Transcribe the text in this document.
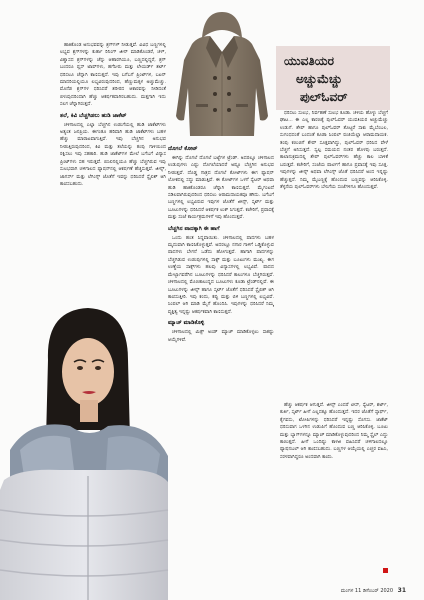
ಯುವತಿಯರ
ಅಚ್ಚುಮೆಚ್ಚು
ಪುಲ್‌ಓವರ್

ಹಾಕಿಕೊಂಡ ಅನುಭವವನ್ನು ಶ್ರಗ್‌ಗಳ್ ನೀಡುತ್ತವೆ. ವಿವಿಧ ಬಣ್ಣಗಳಲ್ಲಿ ಲಭ್ಯವ ಶ್ರಗ್‌ಗಳನ್ನು ಕುರ್ತಾ ರಿನಿಂಗ್‌ ಜೀನ್ ಮಾಡಿಕೊಂಡರೆ, ಚಳ್, ವಿಶ್ವಾಸದ ಶ್ರಗ್‌ಗಳನ್ನು ಚೆನ್ನು ಆಹಾರಗಿಯೂ, ಬಣ್ಣದಲ್ಲಿದ್ದರೆ, ಶ್ರಗ್‌ ಬಂದರೂ ಪ್ಲಸ್ ಟಾಪ್‌ಗಳು, ಹಗೆಸೀರು ಮತ್ತು ಲೇಯರ್ಡ್ ಶರ್ಟ್‌ ಧರಿಸಲೂ ಚೆನ್ನಾಗಿ ಕಾಣಿಸುತ್ತದೆ. ಇವು ಬಗೆಬಗೆ ಪ್ರಿಂಟ್‌ಗಳ, ಬಟನ್‌ ಮಾದರಿಯಲ್ಲಿಯೂ ಲಭ್ಯವಿರುವುದರಿಂದ, ಹೆಣ್ಣುಮಕ್ಕಳ ಅಚ್ಚುಮೆಚ್ಚು. ಮೊನೆಡ ಶ್ರಗ್‌ಗಳ ಧರಿಸಿದರೆ ಶರೀರದ ಆಕಾರವನ್ನು ನೀಡಿದಂತೆ ಬಿಳುವುದರಿಂದಾಗಿ ಹೆಚ್ಚು ಆಕರ್ಷಕವಾಗಿರಬಹುದು. ಮತ್ತಗಾಗಿ ಇದು ಸಲಗ ಚೆನ್ನಾಗಿರುತ್ತದೆ.

ತಲೆ, ಕಿವಿ ಬೆಚ್ಚಗಿಡಲು ಹುಡಿ ಜಾಕೆಟ್‌

ಚಳಿಗಾಲದಲ್ಲಿ ಎಲ್ಲಾ ಬೆಚ್ಚಗಿನ ಉಡುಗೆಯಲ್ಲಿ ಹುಡಿ ಜಾಕೆಟ್‌ಗಳು ಅತ್ಯಂತ ಜನಪ್ರಿಯ. ಈಗಂತೂ ಹರಿವಾಗಿ ಹುಡಿ ಜಾಕೆಟ್‌ಗಳು ಬಹಳ ಹೆಚ್ಚು ಮಾರಾಟವಾಗುತ್ತಿವೆ. ಇವು ಬೆಚ್ಚಗಿನ ಅನುಭವ ನೀಡುತ್ತಿರುವುದರಿಂದ, ಕಿವಿ ಮತ್ತು ತಲೆಯನ್ನು ತಂಪು ಗಾಳಿಯಿಂದ ರಕ್ಷಿಸಲು ಇವು ಸಹಕಾರಿ. ಹುಡಿ ಜಾಕೆಟ್‌ಗಳ ಮೇಲೆ ಬಗೆಬಗೆ ವಿನ್ಯಾಸ ಪ್ರಿಂಟ್‌ಗಳು ಸಹ ಇರುತ್ತವೆ. ಬಿಸಿಲಿನಲ್ಲಿಯೂ ಹೆಚ್ಚು ಬೆಚ್ಚಗಿರುವ ಇವು ಸುಲಭವಾಗಿ ಚಳಿಗಾಲದ ಫ್ಯಾಷನ್‌ನಲ್ಲಿ ಆಕರ್ಷಣೆ ಹೆಚ್ಚಿಸುತ್ತವೆ. ಜೀನ್ಸ್‌, ಜಾಗರ್ಸ್‌ ಮತ್ತು ಲೆಗಿಂಗ್ಸ್‌ ಜೊತೆಗೆ ಇವನ್ನು ಧರಿಸಿದರೆ ಸ್ಟೈಲಿಶ್‌ ಆಗಿ ಕಾಣಿಸಬಹುದು.

ದೊಗಲೆ ಕೋಟ್‌

ಈಗಿನ್ನು ದೊಗಲೆ ದೊಗಲೆ ಬಟ್ಟೆಗಳ ಟ್ರೆಂಡ್‌. ಅದರಲ್ಲೂ ಚಳಿಗಾಲದ ಉಡುಪುಗಳು ಎಷ್ಟು ದೊಗಲೆಯಾದರೆ ಅಷ್ಟೂ ಬೆಚ್ಚಗಿನ ಅನುಭವ ನೀಡುತ್ತವೆ. ದೊಡ್ಡ ಗಾತ್ರದ ದೊಗಲೆ ಕೋಟ್‌ಗಳು ಈಗ ಫ್ಯಾಷನ್‌ ಲೋಕದಲ್ಲಿ ಸದ್ದು ಮಾಡುತ್ತಿವೆ. ಈ ಕೋಟ್‌ಗಳ ಒಳಗೆ ಸ್ವೆಟರ್‌ ಅಥವಾ ಹುಡಿ ಹಾಕಿಕೊಂಡರೂ ಚೆನ್ನಾಗಿ ಕಾಣಿಸುತ್ತದೆ. ಮೈಗಂಟದೆ ಸಡಿಲವಾಗಿರುವುದರಿಂದ ಧರಿಸಲು ಆರಾಮದಾಯಕವೂ ಹೌದು. ಬಗೆಬಗೆ ಬಣ್ಣಗಳಲ್ಲಿ ಲಭ್ಯವಿರುವ ಇವುಗಳ ಜೊತೆಗೆ ಜೀನ್ಸ್‌, ಸ್ಕರ್ಟ್‌ ಮತ್ತು ಬೂಟುಗಳನ್ನು ಧರಿಸಿದರೆ ಆಕರ್ಷಕ ಲುಕ್‌ ಸಿಗುತ್ತದೆ. ಕಚೇರಿಗೆ, ಪ್ರವಾಸಕ್ಕೆ ಮತ್ತು ಸಂಜೆ ಕಾರ್ಯಕ್ರಮಗಳಿಗೆ ಇವು ಹೊಂದುತ್ತವೆ.

ಬೆಚ್ಚಗಿನ ಪಾದಕ್ಕಾಗಿ ಈ ಹಾಗೆ

ಒಂದು ಹಂತ ಸಿದ್ಧವಾಯಿತು. ಚಳಿಗಾಲದಲ್ಲಿ ಪಾದಗಳು ಬಹಳ ಮೃದುವಾಗಿ ಕಾಣಿಸಿಕೊಳ್ಳುತ್ತವೆ. ಅದರಲ್ಲೂ ನಗಾರ ಗಾಳಿಗೆ ಒಡ್ಡಿಕೊಳ್ಳುವ ಪಾದಗಳು ಬೇಗನೆ ಒಡೆದು ಹೋಗುತ್ತವೆ. ಹಾಗಾಗಿ ಪಾದಗಳನ್ನು ಬೆಚ್ಚಗಿಡುವ ಉಡುಪುಗಳಲ್ಲಿ ಸಾಕ್ಸ್‌ ಮತ್ತು ಬೂಟುಗಳು ಮುಖ್ಯ. ಈಗ ಉಣ್ಣೆಯ ಸಾಕ್ಸ್‌ಗಳು ಹಲವು ವಿನ್ಯಾಸಗಳಲ್ಲಿ ಲಭ್ಯವಿವೆ. ಪಾದದ ಮೇಲ್ಭಾಗವರೆಗಿನ ಬೂಟುಗಳನ್ನು ಧರಿಸಿದರೆ ಕಾಲುಗಳೂ ಬೆಚ್ಚಗಿರುತ್ತವೆ. ಚಳಿಗಾಲದಲ್ಲಿ ಮೊಣಕಾಲುದ್ದದ ಬೂಟುಗಳು ಕೂಡಾ ಟ್ರೆಂಡ್‌ನಲ್ಲಿವೆ. ಈ ಬೂಟುಗಳನ್ನು ಜೀನ್ಸ್‌ ಹಾಗೂ ಸ್ಕರ್ಟ್‌ ಜೊತೆಗೆ ಧರಿಸಿದರೆ ಸ್ಟೈಲಿಶ್‌ ಆಗಿ ಕಾಣಿಸುತ್ತೀರಿ. ಇವು ಕಂದು, ಕಪ್ಪು ಮತ್ತು ಬಿಳಿ ಬಣ್ಣಗಳಲ್ಲಿ ಲಭ್ಯವಿವೆ. ಸಿಂಪಲ್‌ ಆಗಿ ಮಾಡಿ ಮೈಗೆ ಹೊಂದಿಸಿ. ಇವುಗಳನ್ನು ಧರಿಸಿದರೆ ನಿಮ್ಮ ವ್ಯಕ್ತಿತ್ವ ಇನ್ನಷ್ಟು ಆಕರ್ಷಕವಾಗಿ ಕಾಣಿಸುತ್ತದೆ.

ಮ್ಯಾಚ್‌ ಮಾಡಿಕೊಳ್ಳಿ

ಚಳಿಗಾಲದಲ್ಲಿ ಮಿಕ್ಸ್‌ ಅಂಡ್‌ ಮ್ಯಾಚ್‌ ಮಾಡಿಕೊಳ್ಳಲು ಸಾಕಷ್ಟು ಆಯ್ಕೆಗಳಿವೆ.

ಧರಿಸಲು ಸುಲಭ, ನಿರ್ವಹಣೆ ಸುಲಭ ಕೂಡಾ. ಚಳಿಯ ಹೊಳ್ಳು ಬೆಚ್ಚಗೆ ಘಾಟ... ಈ ಎಲ್ಲ ಕಾರಣಕ್ಕೆ ಪುಲ್‌ಓವರ್‌ ಯುವತಿಯರ ಅಚ್ಚುಮೆಚ್ಚು ಉಡುಗೆ. ಶೇಪ್‌ ಹಾಗೂ ಪುಲ್‌ಓವರ್‌ ತೊಟ್ಟರೆ ಸಾಕು ಮೈಬೆಂಬಲ, ಸುಗಂಧದಂತೆ ಬಂದಂತೆ ಕೂಡಾ ಸಿಂಪಲ್‌ ರುಚಿಯೆಲ್ಲಾ ಆರಾಮದಾಯಕ. ತಂಪು ಕಣುಚಿಗೆ ಶೇಪ್‌ ಸೂಕ್ತವಾಗಿದ್ದು, ಪುಲ್‌ಓವರ್‌ ಧರಿಸಿದ ವೇಳೆ ಬೆಚ್ಚಗೆ ಅನಿಸುತ್ತದೆ. ಸ್ವಲ್ಪ ಸಮಯದ ನಂತರ ಹೊಳಪು ಬರುತ್ತದೆ. ಕಾಲಾನುಕ್ರಮದಲ್ಲಿ ಶೇಪ್‌ ಪುಲ್‌ಓವರ್‌ಗಳು ಹೆಚ್ಚು ಕಾಲ ಬಾಳಿಕೆ ಬರುತ್ತವೆ. ಕಚೇರಿಗೆ, ಸಂಜೆಯ ಪಾರ್ಟಿಗೆ ಹಾಗೂ ಪ್ರವಾಸಕ್ಕೆ ಇವು ಸೂಕ್ತ. ಇವುಗಳನ್ನು ಜೀನ್ಸ್‌ ಅಥವಾ ಲೆಗಿಂಗ್ಸ್‌ ಜೊತೆ ಧರಿಸಿದರೆ ಅಂದ ಇನ್ನಷ್ಟು ಹೆಚ್ಚುತ್ತದೆ. ನಿಮ್ಮ ಮೈಬಣ್ಣಕ್ಕೆ ಹೊಂದುವ ಬಣ್ಣವನ್ನು ಆರಿಸಿಕೊಳ್ಳಿ. ತೆಳ್ಳನೆಯ ಪುಲ್‌ಓವರ್‌ಗಳು ಬೇಸಿಗೆಯ ಸಂಜೆಗಳಿಗೂ ಹೊಂದುತ್ತವೆ.

ಹೆಚ್ಚು ಆಕರ್ಷಕ ಆಗುತ್ತದೆ. ಜೀನ್ಸ್‌ ಎಂದರೆ ಟೀಸ್‌, ಸ್ವೆಟರ್‌, ಶರ್ಟ್‌, ಕುರ್ತಿ, ಸ್ಕರ್ಟ್‌ ಹೀಗೆ ಎಲ್ಲದಕ್ಕೂ ಹೊಂದುತ್ತದೆ. ಇದರ ಜೊತೆಗೆ ಸ್ಕಾರ್ಫ್‌, ಕೈಗವಸು, ಟೋಪಿಗಳನ್ನು ಧರಿಸಿದರೆ ಇನ್ನಷ್ಟು ಸೊಗಸು. ಜಾಕೆಟ್‌ ಧರಿಸುವಾಗ ಒಳಗಿನ ಉಡುಪಿಗೆ ಹೊಂದುವ ಬಣ್ಣ ಆರಿಸಿಕೊಳ್ಳಿ. ಬೂಟು ಮತ್ತು ಬ್ಯಾಗ್‌ಗಳನ್ನೂ ಮ್ಯಾಚ್‌ ಮಾಡಿಕೊಳ್ಳುವುದರಿಂದ ನಿಮ್ಮ ಸ್ಟೈಲ್‌ ಎದ್ದು ಕಾಣುತ್ತದೆ. ಹೀಗೆ ಒಂದಿಷ್ಟು ಕಾಳಜಿ ವಹಿಸಿದರೆ ಚಳಿಗಾಲದಲ್ಲೂ ಫ್ಯಾಷನಬಲ್‌ ಆಗಿ ಕಾಣಿಸಬಹುದು. ಬಣ್ಣಗಳ ಆಯ್ಕೆಯಲ್ಲಿ ಎಚ್ಚರ ವಹಿಸಿ, ಸರಳವಾಗಿದ್ದರೂ ಅಂದವಾಗಿ ಕಾಣಿಸಿ.

ಮಂಗಳ 11 ಡಿಸೆಂಬರ್ 2020 31
